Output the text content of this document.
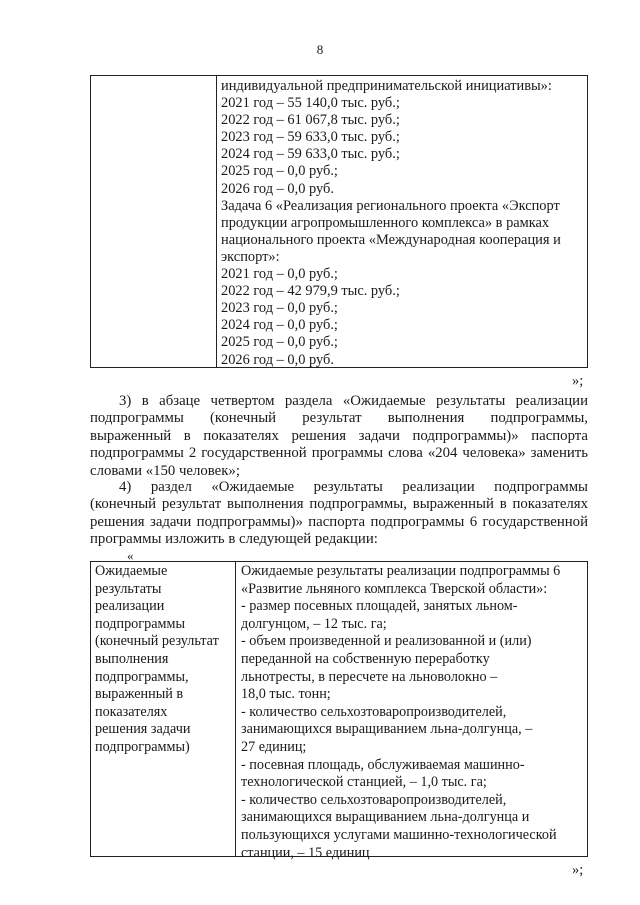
8
индивидуальной предпринимательской инициативы»:
2021 год – 55 140,0 тыс. руб.;
2022 год – 61 067,8 тыс. руб.;
2023 год – 59 633,0 тыс. руб.;
2024 год – 59 633,0 тыс. руб.;
2025 год – 0,0 руб.;
2026 год – 0,0 руб.
Задача 6 «Реализация регионального проекта «Экспорт
продукции агропромышленного комплекса» в рамках
национального проекта «Международная кооперация и
экспорт»:
2021 год – 0,0 руб.;
2022 год – 42 979,9 тыс. руб.;
2023 год – 0,0 руб.;
2024 год – 0,0 руб.;
2025 год – 0,0 руб.;
2026 год – 0,0 руб.
»;
3) в абзаце четвертом раздела «Ожидаемые результаты реализации
подпрограммы (конечный результат выполнения подпрограммы,
выраженный в показателях решения задачи подпрограммы)» паспорта
подпрограммы 2 государственной программы слова «204 человека» заменить
словами «150 человек»;
4) раздел «Ожидаемые результаты реализации подпрограммы
(конечный результат выполнения подпрограммы, выраженный в показателях
решения задачи подпрограммы)» паспорта подпрограммы 6 государственной
программы изложить в следующей редакции:
«
Ожидаемые
результаты
реализации
подпрограммы
(конечный результат
выполнения
подпрограммы,
выраженный в
показателях
решения задачи
подпрограммы)
Ожидаемые результаты реализации подпрограммы 6
«Развитие льняного комплекса Тверской области»:
- размер посевных площадей, занятых льном-
долгунцом, – 12 тыс. га;
- объем произведенной и реализованной и (или)
переданной на собственную переработку
льнотресты, в пересчете на льноволокно –
18,0 тыс. тонн;
- количество сельхозтоваропроизводителей,
занимающихся выращиванием льна-долгунца, –
27 единиц;
- посевная площадь, обслуживаемая машинно-
технологической станцией, – 1,0 тыс. га;
- количество сельхозтоваропроизводителей,
занимающихся выращиванием льна-долгунца и
пользующихся услугами машинно-технологической
станции, – 15 единиц
»;
